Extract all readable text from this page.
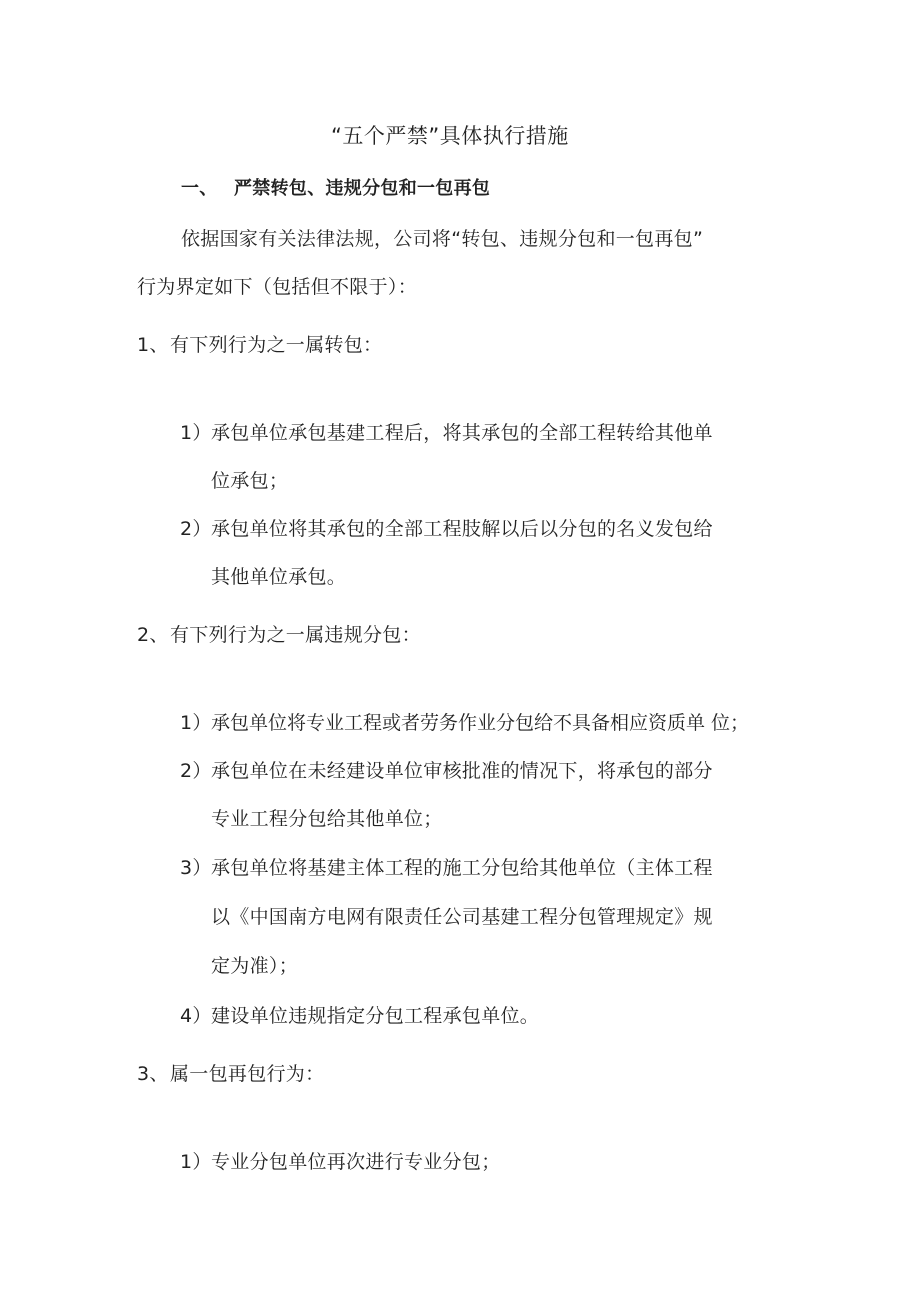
“五个严禁”具体执行措施
一、 严禁转包、违规分包和一包再包
依据国家有关法律法规，公司将“转包、违规分包和一包再包”
行为界定如下（包括但不限于）：
1、 有下列行为之一属转包：
1） 承包单位承包基建工程后，将其承包的全部工程转给其他单
位承包；
2） 承包单位将其承包的全部工程肢解以后以分包的名义发包给
其他单位承包。
2、 有下列行为之一属违规分包：
1） 承包单位将专业工程或者劳务作业分包给不具备相应资质单 位；
2） 承包单位在未经建设单位审核批准的情况下，将承包的部分
专业工程分包给其他单位；
3） 承包单位将基建主体工程的施工分包给其他单位（主体工程
以《中国南方电网有限责任公司基建工程分包管理规定》规
定为准）；
4） 建设单位违规指定分包工程承包单位。
3、 属一包再包行为：
1） 专业分包单位再次进行专业分包；
